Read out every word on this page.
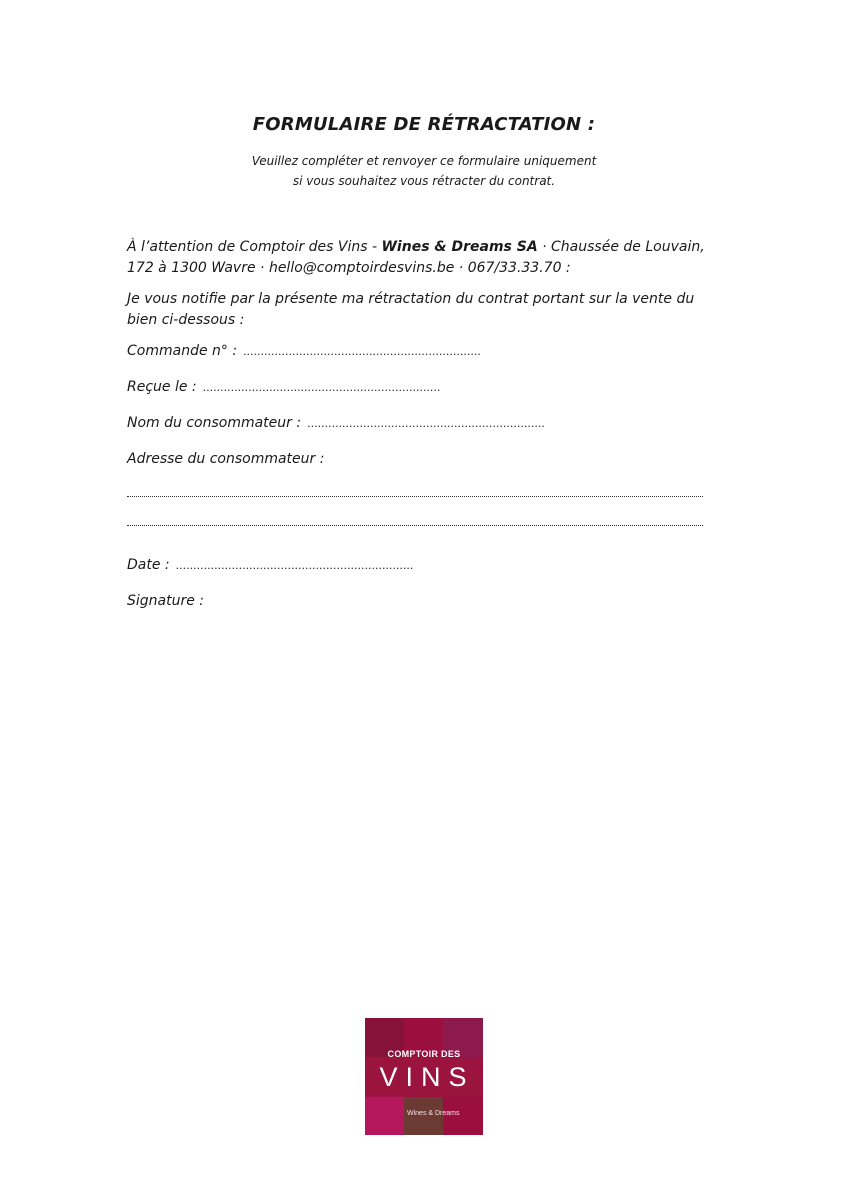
FORMULAIRE DE RÉTRACTATION :
Veuillez compléter et renvoyer ce formulaire uniquement
si vous souhaitez vous rétracter du contrat.
À l’attention de Comptoir des Vins - Wines & Dreams SA · Chaussée de Louvain, 172 à 1300 Wavre · hello@comptoirdesvins.be · 067/33.33.70 :
Je vous notifie par la présente ma rétractation du contrat portant sur la vente du bien ci-dessous :
Commande n° : ....................................................................
Reçue le : ....................................................................
Nom du consommateur : ....................................................................
Adresse du consommateur :
Date : ....................................................................
Signature :
COMPTOIR DES
VINS
Wines & Dreams
